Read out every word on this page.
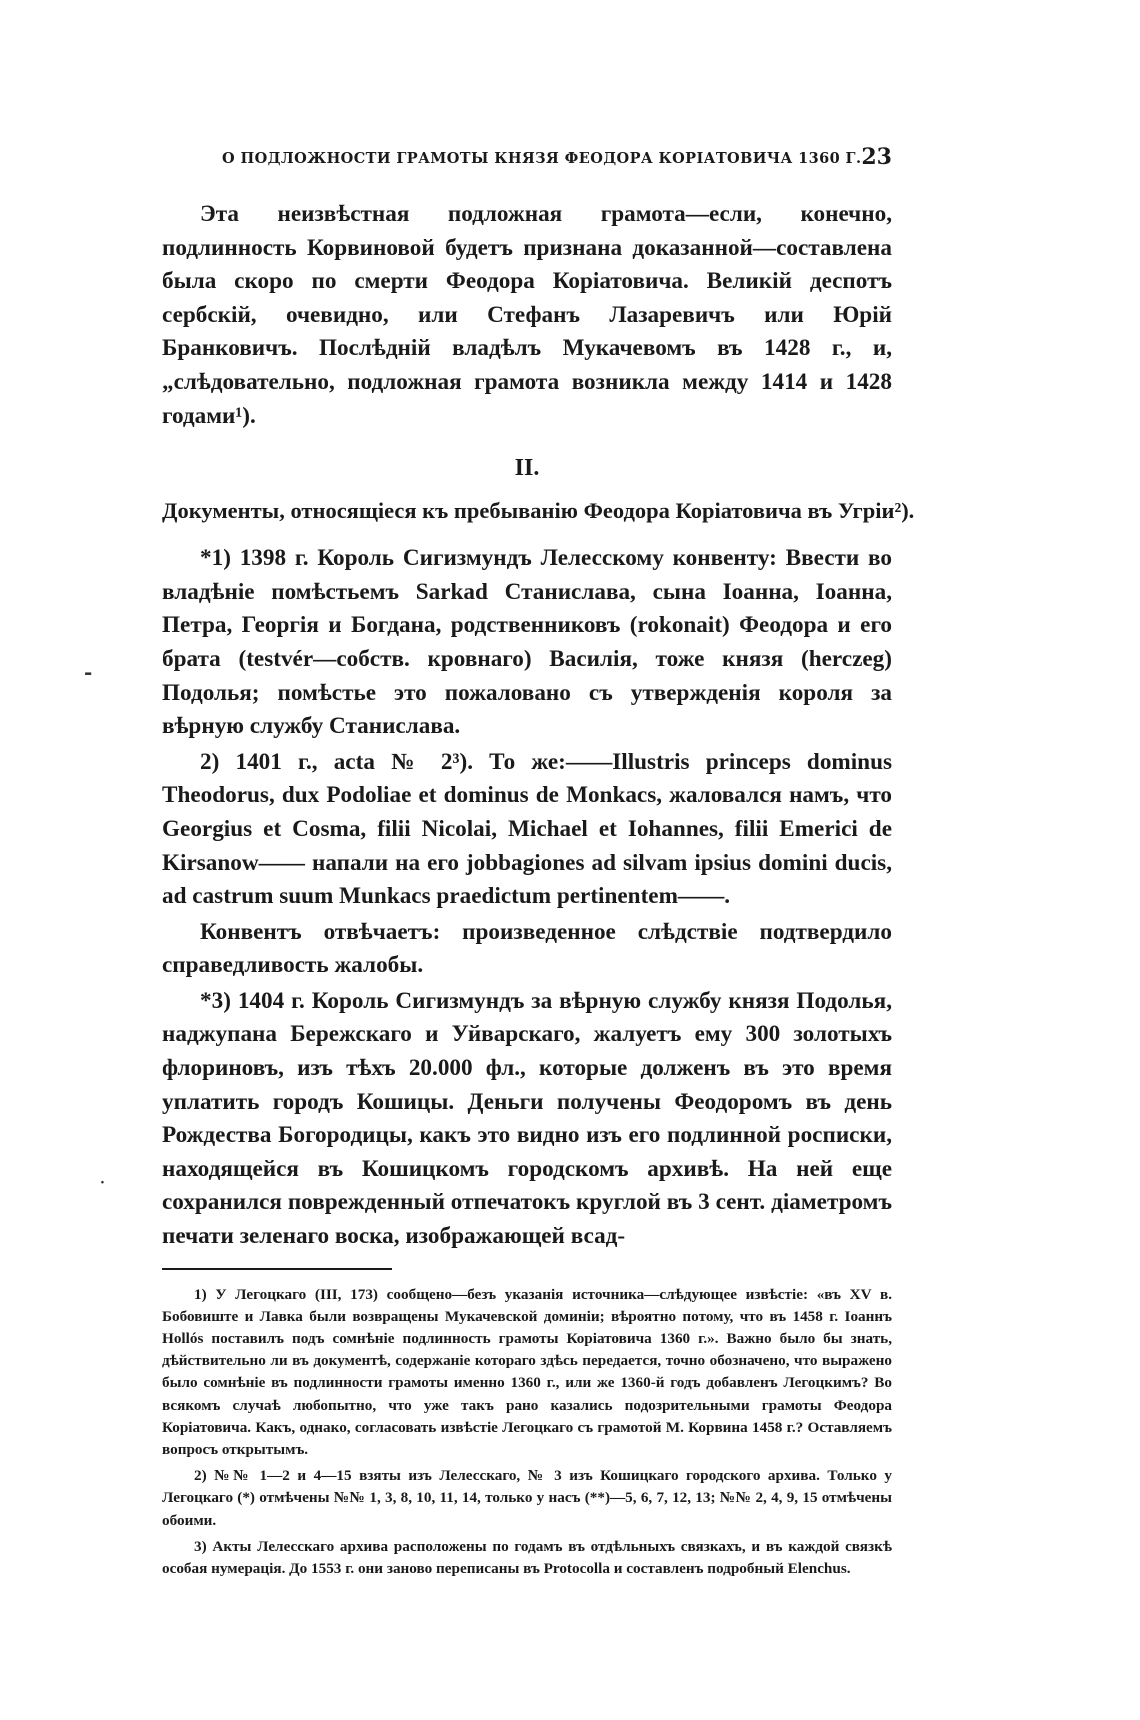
О ПОДЛОЖНОСТИ ГРАМОТЫ КНЯЗЯ ФЕОДОРА КОРІАТОВИЧА 1360 Г. 23

Эта неизвѣстная подложная грамота—если, конечно, подлинность Корвиновой будетъ признана доказанной—составлена была скоро по смерти Феодора Коріатовича. Великій деспотъ сербскій, очевидно, или Стефанъ Лазаревичъ или Юрій Бранковичъ. Послѣдній владѣлъ Мукачевомъ въ 1428 г., и, „слѣдовательно, подложная грамота возникла между 1414 и 1428 годами¹).

II.
Документы, относящіеся къ пребыванію Феодора Коріатовича въ Угріи²).

*1) 1398 г. Король Сигизмундъ Лелесскому конвенту: Ввести во владѣніе помѣстьемъ Sarkad Станислава, сына Іоанна, Іоанна, Петра, Георгія и Богдана, родственниковъ (rokonait) Феодора и его брата (testvér—собств. кровнаго) Василія, тоже князя (herczeg) Подолья; помѣстье это пожаловано съ утвержденія короля за вѣрную службу Станислава.

2) 1401 г., acta № 2³). То же:——Illustris princeps dominus Theodorus, dux Podoliae et dominus de Monkacs, жаловался намъ, что Georgius et Cosma, filii Nicolai, Michael et Iohannes, filii Emerici de Kirsanow—— напали на его jobbagiones ad silvam ipsius domini ducis, ad castrum suum Munkacs praedictum pertinentem——.

Конвентъ отвѣчаетъ: произведенное слѣдствіе подтвердило справедливость жалобы.

*3) 1404 г. Король Сигизмундъ за вѣрную службу князя Подолья, наджупана Бережскаго и Уйварскаго, жалуетъ ему 300 золотыхъ флориновъ, изъ тѣхъ 20.000 фл., которые долженъ въ это время уплатить городъ Кошицы. Деньги получены Феодоромъ въ день Рождества Богородицы, какъ это видно изъ его подлинной росписки, находящейся въ Кошицкомъ городскомъ архивѣ. На ней еще сохранился поврежденный отпечатокъ круглой въ 3 сент. діаметромъ печати зеленаго воска, изображающей всад-

1) У Легоцкаго (III, 173) сообщено—безъ указанія источника—слѣдующее извѣстіе: «въ XV в. Бобовиште и Лавка были возвращены Мукачевской доминіи; вѣроятно потому, что въ 1458 г. Іоаннъ Hollós поставилъ подъ сомнѣніе подлинность грамоты Коріатовича 1360 г.». Важно было бы знать, дѣйствительно ли въ документѣ, содержаніе котораго здѣсь передается, точно обозначено, что выражено было сомнѣніе въ подлинности грамоты именно 1360 г., или же 1360-й годъ добавленъ Легоцкимъ? Во всякомъ случаѣ любопытно, что уже такъ рано казались подозрительными грамоты Феодора Коріатовича. Какъ, однако, согласовать извѣстіе Легоцкаго съ грамотой М. Корвина 1458 г.? Оставляемъ вопросъ открытымъ.

2) №№ 1—2 и 4—15 взяты изъ Лелесскаго, № 3 изъ Кошицкаго городского архива. Только у Легоцкаго (*) отмѣчены №№ 1, 3, 8, 10, 11, 14, только у насъ (**)—5, 6, 7, 12, 13; №№ 2, 4, 9, 15 отмѣчены обоими.

3) Акты Лелесскаго архива расположены по годамъ въ отдѣльныхъ связкахъ, и въ каждой связкѣ особая нумерація. До 1553 г. они заново переписаны въ Protocolla и составленъ подробный Elenchus.

-
·
